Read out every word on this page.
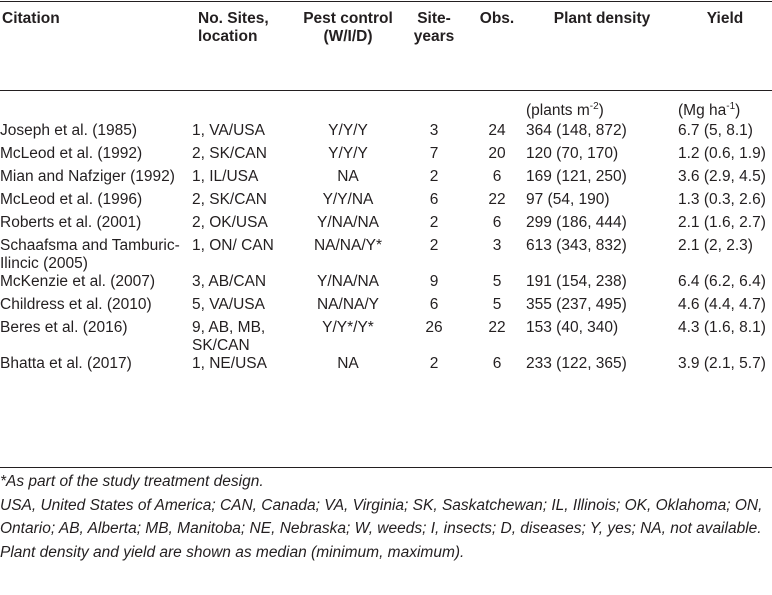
Citation	No. Sites, location	Pest control (W/I/D)	Site-years	Obs.	Plant density	Yield
					(plants $m^{-2}$)	(Mg $ha^{-1}$)
Joseph et al. (1985)	1, VA/USA	Y/Y/Y	3	24	364 (148, 872)	6.7 (5, 8.1)
McLeod et al. (1992)	2, SK/CAN	Y/Y/Y	7	20	120 (70, 170)	1.2 (0.6, 1.9)
Mian and Nafziger (1992)	1, IL/USA	NA	2	6	169 (121, 250)	3.6 (2.9, 4.5)
McLeod et al. (1996)	2, SK/CAN	Y/Y/NA	6	22	97 (54, 190)	1.3 (0.3, 2.6)
Roberts et al. (2001)	2, OK/USA	Y/NA/NA	2	6	299 (186, 444)	2.1 (1.6, 2.7)
Schaafsma and Tamburic-Ilincic (2005)	1, ON/ CAN	NA/NA/Y*	2	3	613 (343, 832)	2.1 (2, 2.3)
McKenzie et al. (2007)	3, AB/CAN	Y/NA/NA	9	5	191 (154, 238)	6.4 (6.2, 6.4)
Childress et al. (2010)	5, VA/USA	NA/NA/Y	6	5	355 (237, 495)	4.6 (4.4, 4.7)
Beres et al. (2016)	9, AB, MB, SK/CAN	Y/Y*/Y*	26	22	153 (40, 340)	4.3 (1.6, 8.1)
Bhatta et al. (2017)	1, NE/USA	NA	2	6	233 (122, 365)	3.9 (2.1, 5.7)

*As part of the study treatment design.

USA, United States of America; CAN, Canada; VA, Virginia; SK, Saskatchewan; IL, Illinois; OK, Oklahoma; ON, Ontario; AB, Alberta; MB, Manitoba; NE, Nebraska; W, weeds; I, insects; D, diseases; Y, yes; NA, not available.

Plant density and yield are shown as median (minimum, maximum).
